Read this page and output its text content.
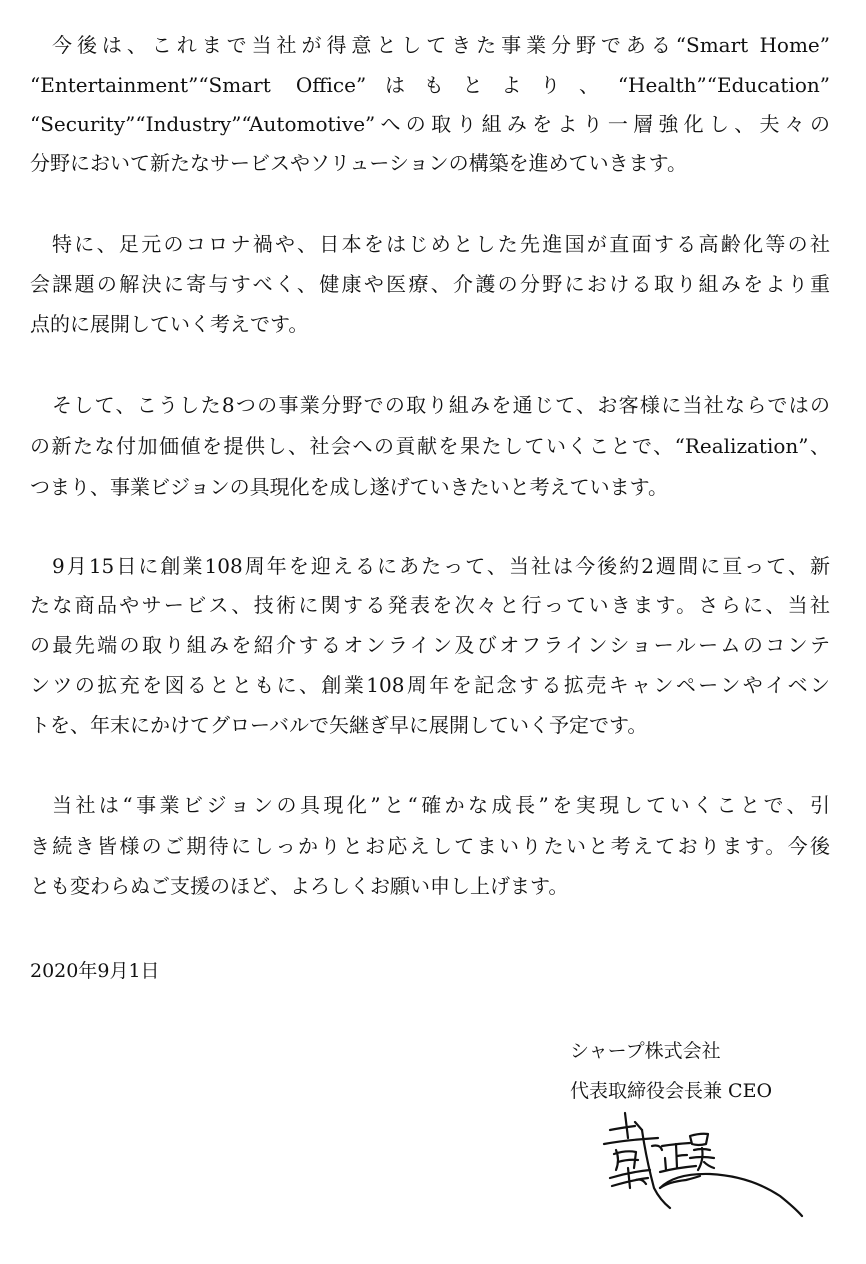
今後は、これまで当社が得意としてきた事業分野である“Smart Home”
“Entertainment”“Smart Office”はもとより、“Health”“Education”
“Security”“Industry”“Automotive”への取り組みをより一層強化し、夫々の
分野において新たなサービスやソリューションの構築を進めていきます。
特に、足元のコロナ禍や、日本をはじめとした先進国が直面する高齢化等の社
会課題の解決に寄与すべく、健康や医療、介護の分野における取り組みをより重
点的に展開していく考えです。
そして、こうした8つの事業分野での取り組みを通じて、お客様に当社ならではの
の新たな付加価値を提供し、社会への貢献を果たしていくことで、“Realization”、
つまり、事業ビジョンの具現化を成し遂げていきたいと考えています。
9月15日に創業108周年を迎えるにあたって、当社は今後約2週間に亘って、新
たな商品やサービス、技術に関する発表を次々と行っていきます。さらに、当社
の最先端の取り組みを紹介するオンライン及びオフラインショールームのコンテ
ンツの拡充を図るとともに、創業108周年を記念する拡売キャンペーンやイベン
トを、年末にかけてグローバルで矢継ぎ早に展開していく予定です。
当社は“事業ビジョンの具現化”と“確かな成長”を実現していくことで、引
き続き皆様のご期待にしっかりとお応えしてまいりたいと考えております。今後
とも変わらぬご支援のほど、よろしくお願い申し上げます。
2020年9月1日
シャープ株式会社
代表取締役会長兼 CEO
